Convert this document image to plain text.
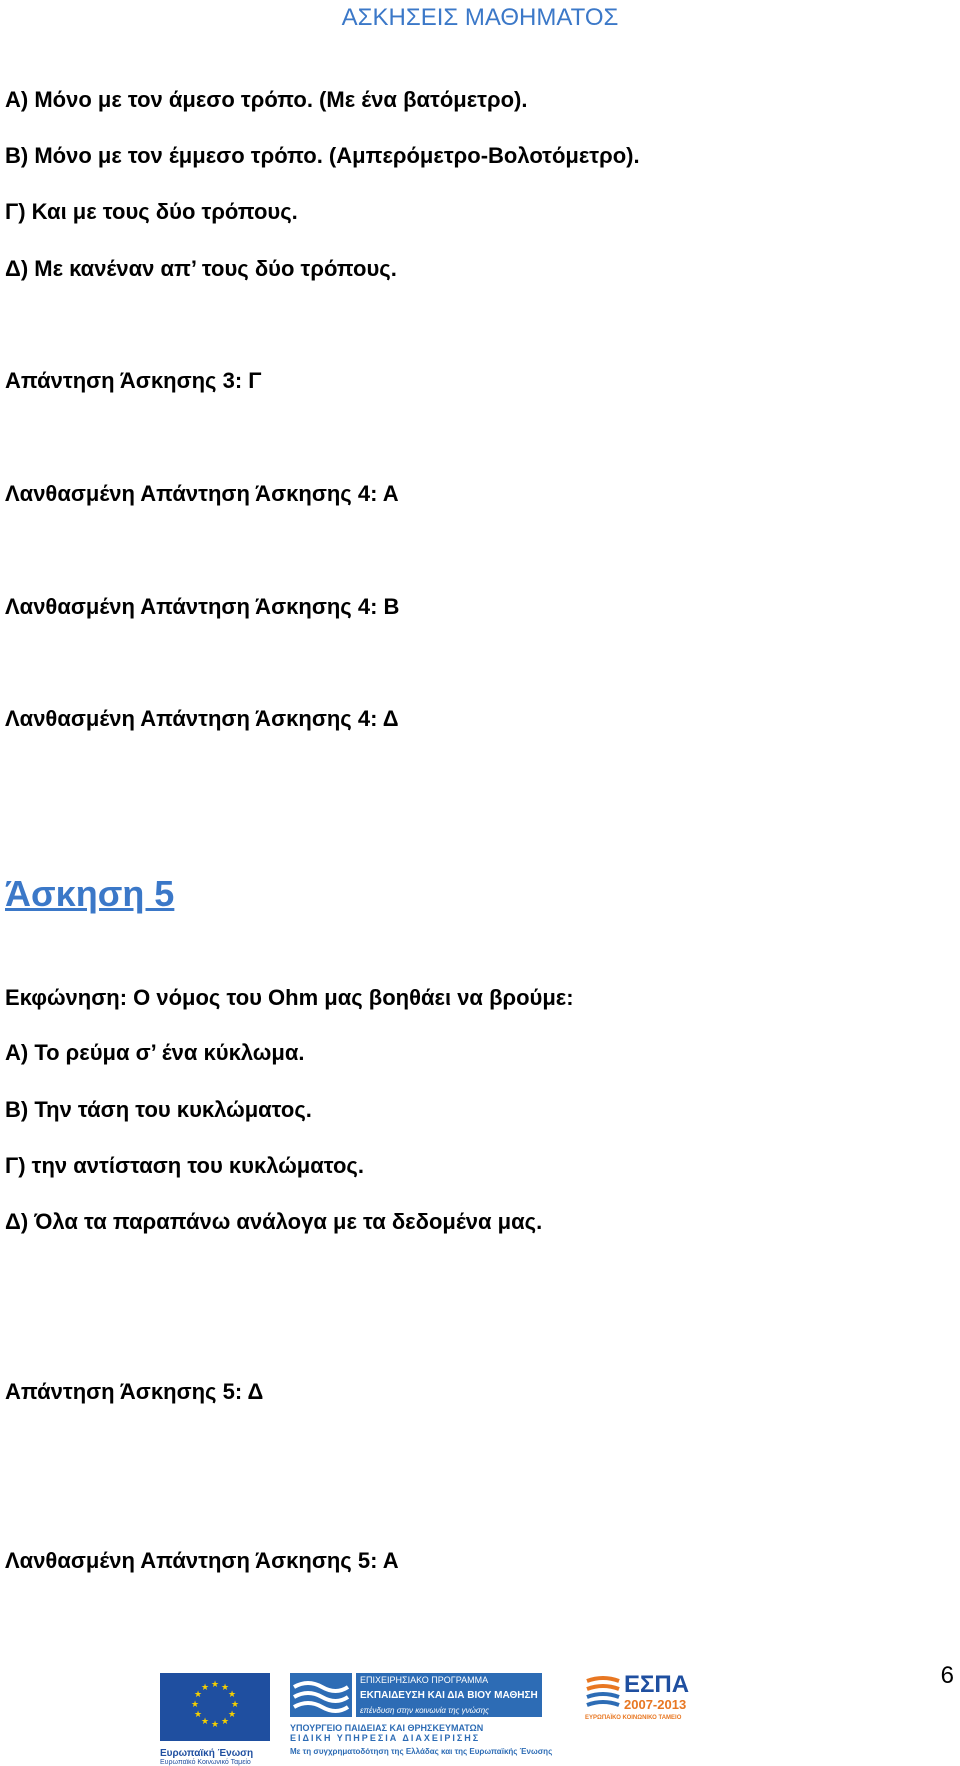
ΑΣΚΗΣΕΙΣ ΜΑΘΗΜΑΤΟΣ
Α) Μόνο με τον άμεσο τρόπο. (Με ένα βατόμετρο).
Β) Μόνο με τον έμμεσο τρόπο. (Αμπερόμετρο-Βολοτόμετρο).
Γ) Και με τους δύο τρόπους.
Δ) Με κανέναν απ’ τους δύο τρόπους.
Απάντηση Άσκησης 3: Γ
Λανθασμένη Απάντηση Άσκησης 4: Α
Λανθασμένη Απάντηση Άσκησης 4: Β
Λανθασμένη Απάντηση Άσκησης 4: Δ
Άσκηση 5
Εκφώνηση: Ο νόμος του Ohm μας βοηθάει να βρούμε:
Α) Το ρεύμα σ’ ένα κύκλωμα.
Β) Την τάση του κυκλώματος.
Γ) την αντίσταση του κυκλώματος.
Δ) Όλα τα παραπάνω ανάλογα με τα δεδομένα μας.
Απάντηση Άσκησης 5: Δ
Λανθασμένη Απάντηση Άσκησης 5: Α
6
★ ★
★
★
★
★
★
★
★
★
★
★
Ευρωπαϊκή Ένωση
Ευρωπαϊκό Κοινωνικό Ταμείο
ΕΠΙΧΕΙΡΗΣΙΑΚΟ ΠΡΟΓΡΑΜΜΑ
ΕΚΠΑΙΔΕΥΣΗ ΚΑΙ ΔΙΑ ΒΙΟΥ ΜΑΘΗΣΗ
επένδυση στην κοινωνία της γνώσης
ΥΠΟΥΡΓΕΙΟ ΠΑΙΔΕΙΑΣ ΚΑΙ ΘΡΗΣΚΕΥΜΑΤΩΝ
ΕΙΔΙΚΗ ΥΠΗΡΕΣΙΑ ΔΙΑΧΕΙΡΙΣΗΣ
Με τη συγχρηματοδότηση της Ελλάδας και της Ευρωπαϊκής Ένωσης
ΕΣΠΑ
2007-2013
ΕΥΡΩΠΑΪΚΟ ΚΟΙΝΩΝΙΚΟ ΤΑΜΕΙΟ
